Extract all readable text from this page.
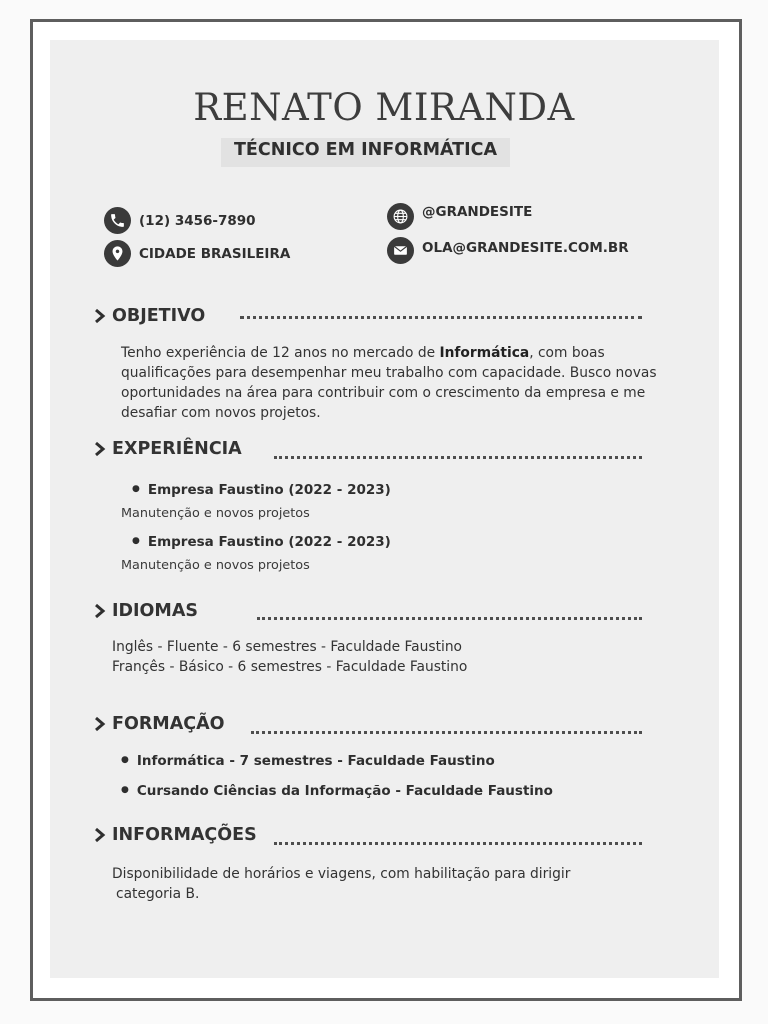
RENATO MIRANDA
TÉCNICO EM INFORMÁTICA
(12) 3456-7890
CIDADE BRASILEIRA
@GRANDESITE
OLA@GRANDESITE.COM.BR
OBJETIVO
Tenho experiência de 12 anos no mercado de Informática, com boas qualificações para desempenhar meu trabalho com capacidade. Busco novas oportunidades na área para contribuir com o crescimento da empresa e me desafiar com novos projetos.
EXPERIÊNCIA
● Empresa Faustino (2022 - 2023)
Manutenção e novos projetos
● Empresa Faustino (2022 - 2023)
Manutenção e novos projetos
IDIOMAS
Inglês - Fluente - 6 semestres - Faculdade Faustino
Françês - Básico - 6 semestres - Faculdade Faustino
FORMAÇÃO
● Informática - 7 semestres - Faculdade Faustino
● Cursando Ciências da Informação - Faculdade Faustino
INFORMAÇÕES
Disponibilidade de horários e viagens, com habilitação para dirigir
categoria B.
